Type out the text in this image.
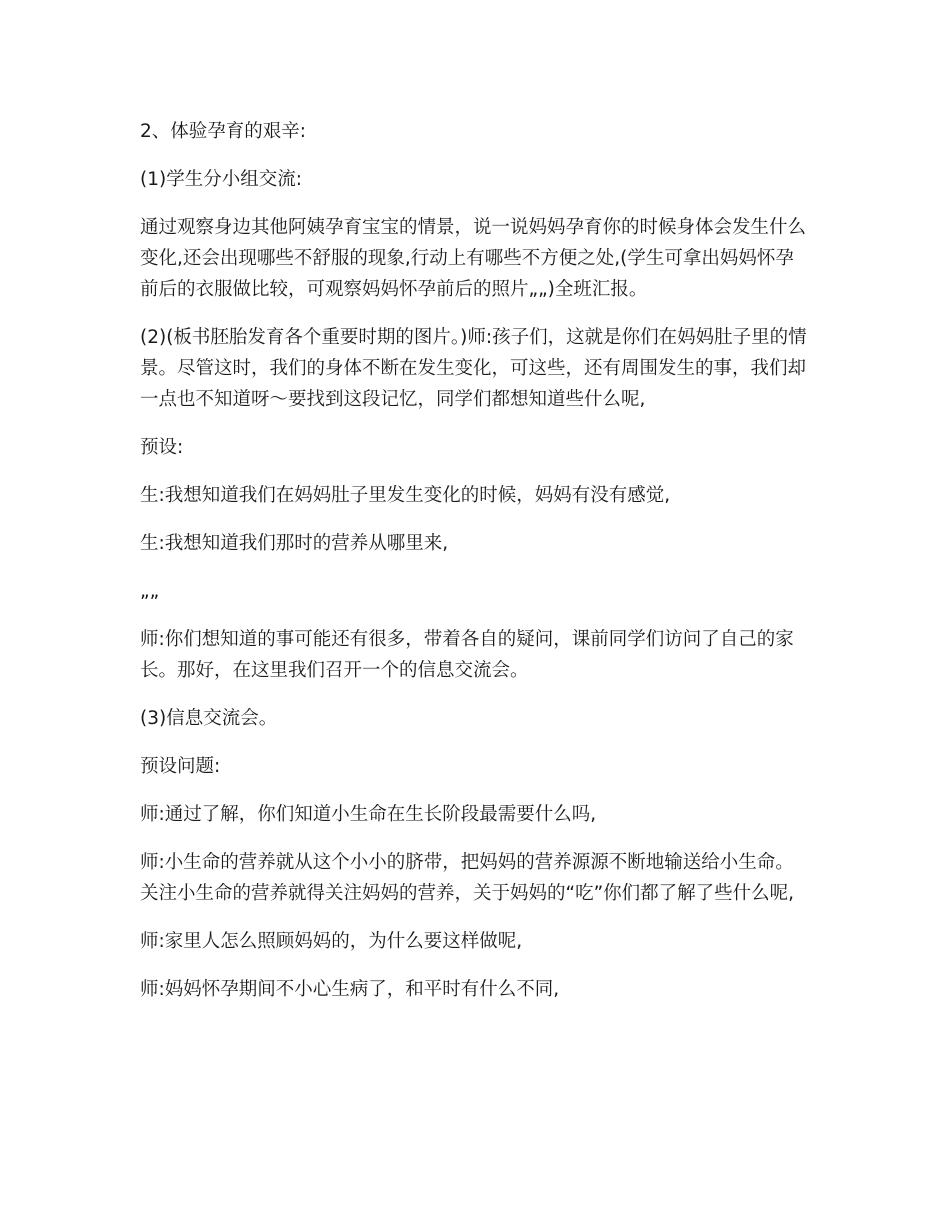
2、体验孕育的艰辛:

(1)学生分小组交流:

通过观察身边其他阿姨孕育宝宝的情景，说一说妈妈孕育你的时候身体会发生什么变化,还会出现哪些不舒服的现象,行动上有哪些不方便之处,(学生可拿出妈妈怀孕前后的衣服做比较，可观察妈妈怀孕前后的照片„„)全班汇报。

(2)(板书胚胎发育各个重要时期的图片。)师:孩子们，这就是你们在妈妈肚子里的情景。尽管这时，我们的身体不断在发生变化，可这些，还有周围发生的事，我们却一点也不知道呀～要找到这段记忆，同学们都想知道些什么呢,

预设:

生:我想知道我们在妈妈肚子里发生变化的时候，妈妈有没有感觉,

生:我想知道我们那时的营养从哪里来,

„„

师:你们想知道的事可能还有很多，带着各自的疑问，课前同学们访问了自己的家长。那好，在这里我们召开一个的信息交流会。

(3)信息交流会。

预设问题:

师:通过了解，你们知道小生命在生长阶段最需要什么吗,

师:小生命的营养就从这个小小的脐带，把妈妈的营养源源不断地输送给小生命。关注小生命的营养就得关注妈妈的营养，关于妈妈的“吃”你们都了解了些什么呢,

师:家里人怎么照顾妈妈的，为什么要这样做呢,

师:妈妈怀孕期间不小心生病了，和平时有什么不同,
